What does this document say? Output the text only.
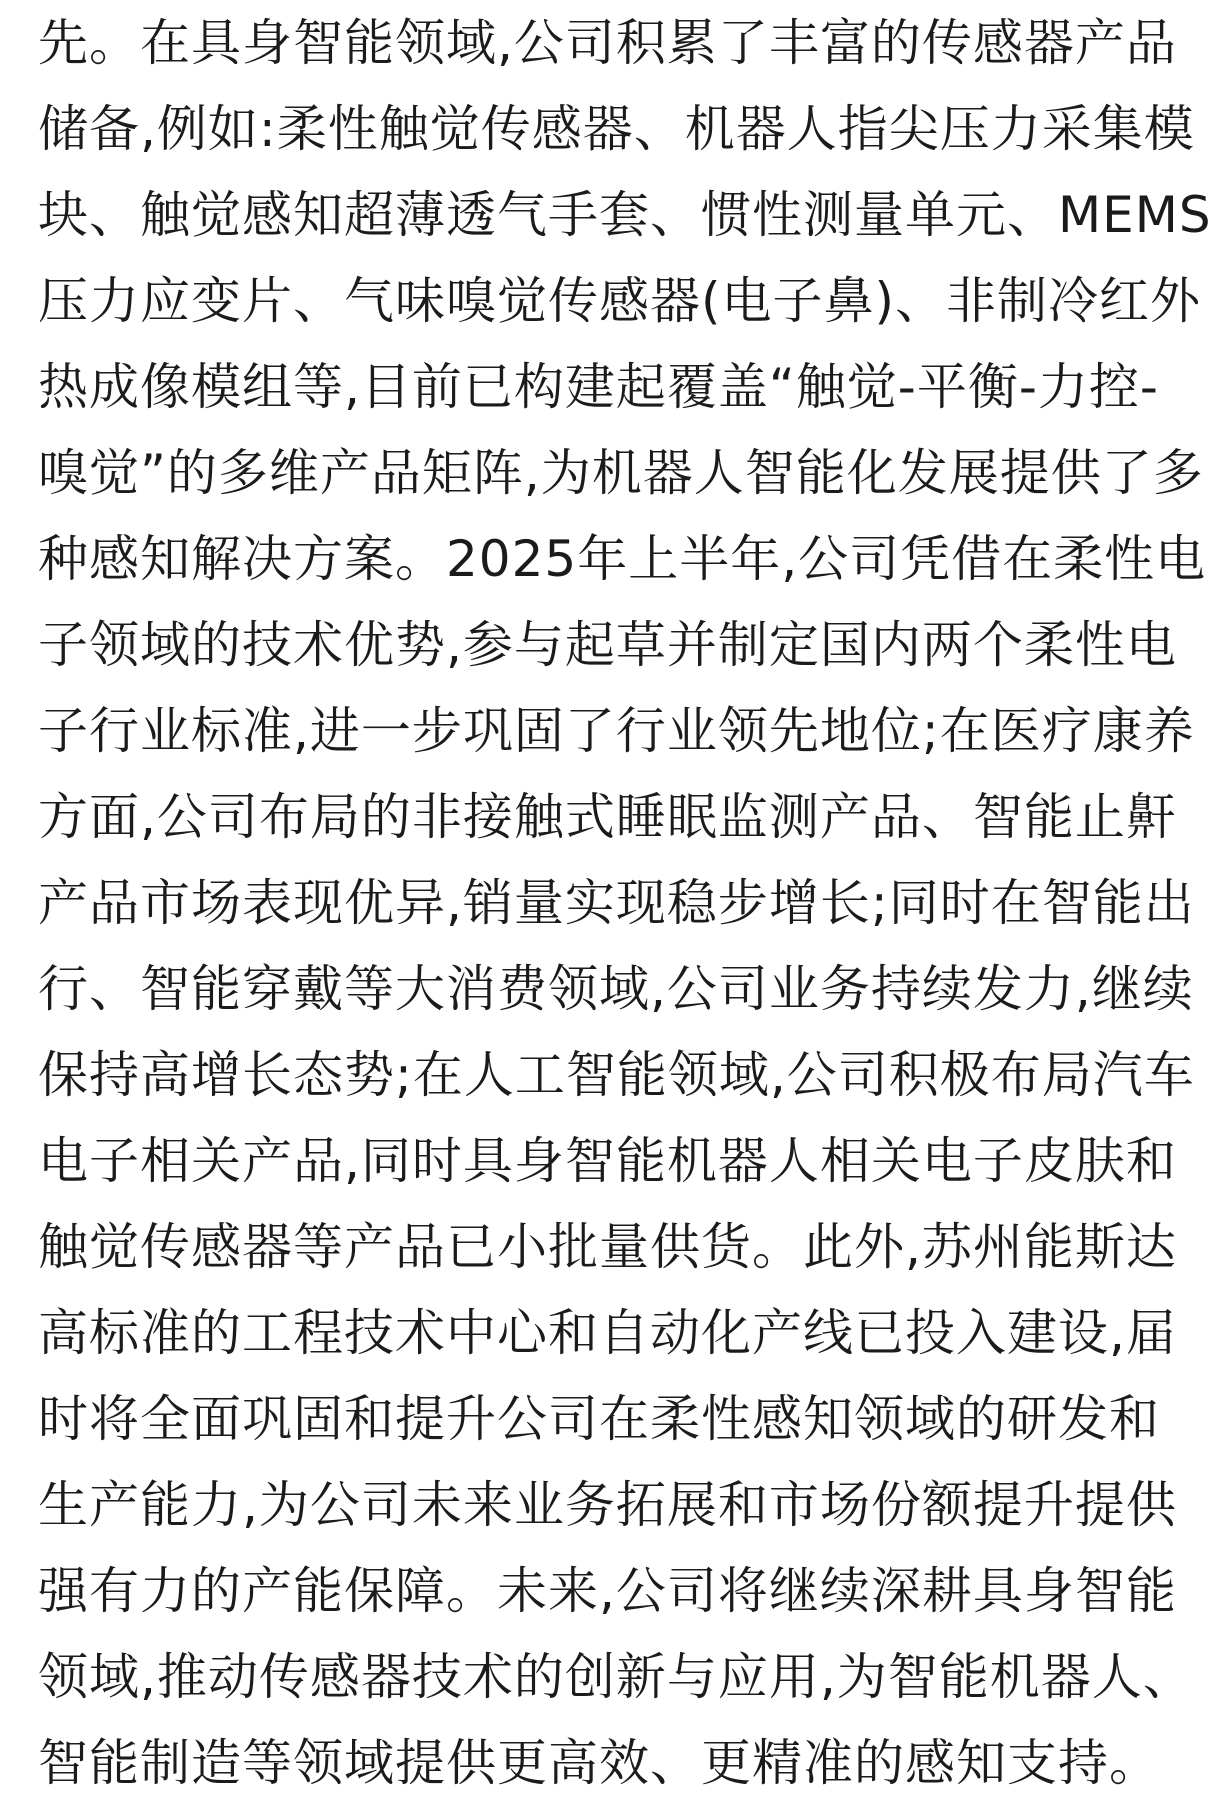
先。在具身智能领域,公司积累了丰富的传感器产品
储备,例如:柔性触觉传感器、机器人指尖压力采集模
块、触觉感知超薄透气手套、惯性测量单元、MEMS
压力应变片、气味嗅觉传感器(电子鼻)、非制冷红外
热成像模组等,目前已构建起覆盖“触觉-平衡-力控-
嗅觉”的多维产品矩阵,为机器人智能化发展提供了多
种感知解决方案。2025年上半年,公司凭借在柔性电
子领域的技术优势,参与起草并制定国内两个柔性电
子行业标准,进一步巩固了行业领先地位;在医疗康养
方面,公司布局的非接触式睡眠监测产品、智能止鼾
产品市场表现优异,销量实现稳步增长;同时在智能出
行、智能穿戴等大消费领域,公司业务持续发力,继续
保持高增长态势;在人工智能领域,公司积极布局汽车
电子相关产品,同时具身智能机器人相关电子皮肤和
触觉传感器等产品已小批量供货。此外,苏州能斯达
高标准的工程技术中心和自动化产线已投入建设,届
时将全面巩固和提升公司在柔性感知领域的研发和
生产能力,为公司未来业务拓展和市场份额提升提供
强有力的产能保障。未来,公司将继续深耕具身智能
领域,推动传感器技术的创新与应用,为智能机器人、
智能制造等领域提供更高效、更精准的感知支持。
